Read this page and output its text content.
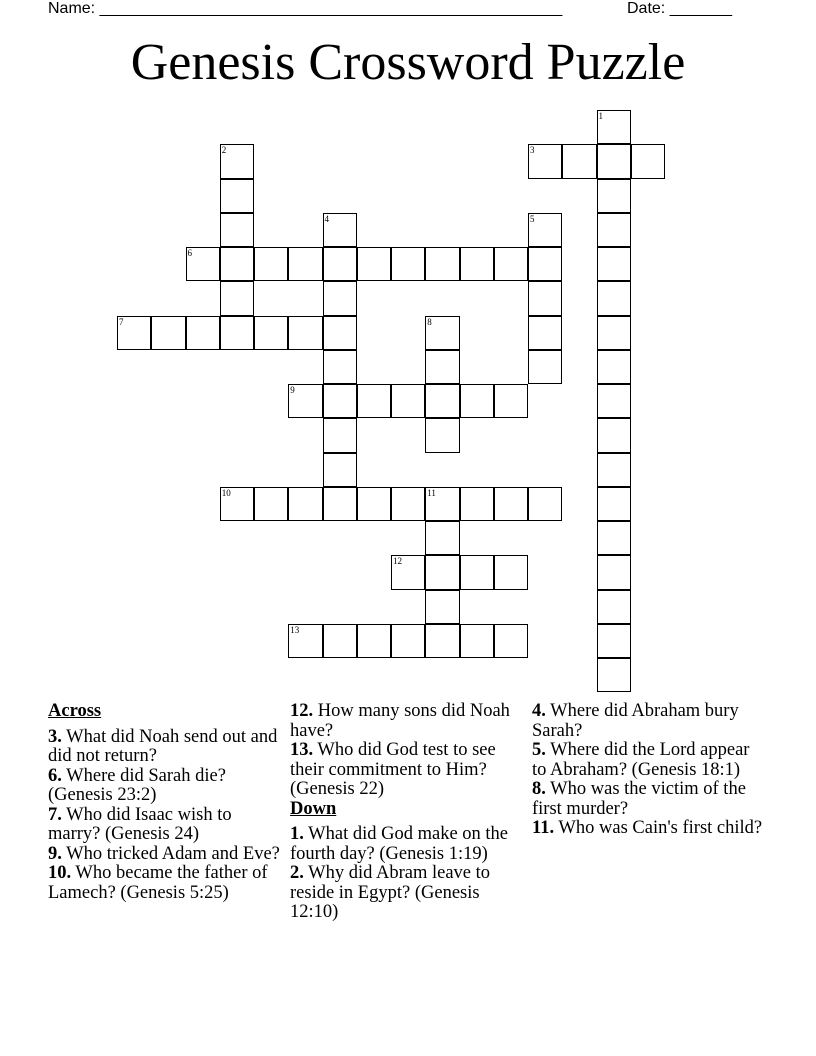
Name: ____________________________________________________	Date: _______
Genesis Crossword Puzzle
1
2	3
4	5
6
7	8
9
10	11
12
13
Across
3. What did Noah send out and did not return?
6. Where did Sarah die? (Genesis 23:2)
7. Who did Isaac wish to marry? (Genesis 24)
9. Who tricked Adam and Eve?
10. Who became the father of Lamech? (Genesis 5:25)
12. How many sons did Noah have?
13. Who did God test to see their commitment to Him? (Genesis 22)
Down
1. What did God make on the fourth day? (Genesis 1:19)
2. Why did Abram leave to reside in Egypt? (Genesis 12:10)
4. Where did Abraham bury Sarah?
5. Where did the Lord appear to Abraham? (Genesis 18:1)
8. Who was the victim of the first murder?
11. Who was Cain's first child?
